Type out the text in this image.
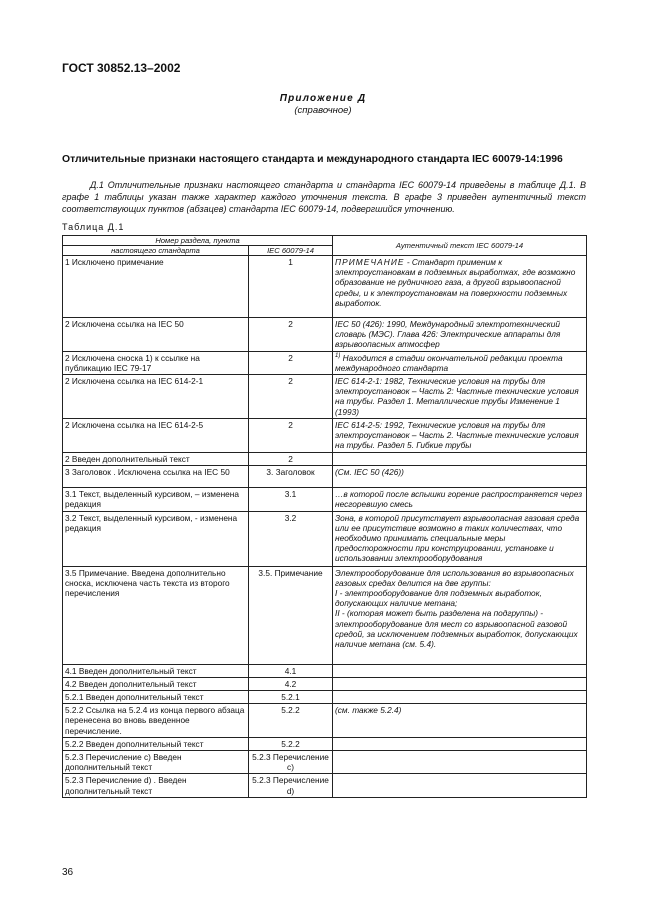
ГОСТ 30852.13–2002
Приложение Д
(справочное)
Отличительные признаки настоящего стандарта и международного стандарта IEC 60079-14:1996

Д.1 Отличительные признаки настоящего стандарта и стандарта IEC 60079-14 приведены в таблице Д.1. В графе 1 таблицы указан также характер каждого уточнения текста. В графе 3 приведен аутентичный текст соответствующих пунктов (абзацев) стандарта IEC 60079-14, подвергшийся уточнению.

Таблица Д.1
Номер раздела, пункта		Аутентичный текст IEC 60079-14
настоящего стандарта	IEC 60079-14	
1 Исключено примечание	1	ПРИМЕЧАНИЕ - Стандарт применим к электроустановкам в подземных выработках, где возможно образование не рудничного газа, а другой взрывоопасной среды, и к электроустановкам на поверхности подземных выработок.
2 Исключена ссылка на IEC 50	2	IEC 50 (426): 1990, Международный электротехнический словарь (МЭС). Глава 426: Электрические аппараты для взрывоопасных атмосфер
2 Исключена сноска 1) к ссылке на публикацию IEC 79-17	2	$^{1)}$ Находится в стадии окончательной редакции проекта международного стандарта
2 Исключена ссылка на IEC 614-2-1	2	IEC 614-2-1: 1982, Технические условия на трубы для электроустановок – Часть 2: Частные технические условия на трубы. Раздел 1. Металлические трубы Изменение 1 (1993)
2 Исключена ссылка на IEC 614-2-5	2	IEC 614-2-5: 1992, Технические условия на трубы для электроустановок – Часть 2. Частные технические условия на трубы. Раздел 5. Гибкие трубы
2 Введен дополнительный текст	2	
3 Заголовок . Исключена ссылка на IEC 50	3. Заголовок	(См. IEC 50 (426))
3.1 Текст, выделенный курсивом, – изменена редакция	3.1	…в которой после вспышки горение распространяется через несгоревшую смесь
3.2 Текст, выделенный курсивом, - изменена редакция	3.2	Зона, в которой присутствует взрывоопасная газовая среда или ее присутствие возможно в таких количествах, что необходимо принимать специальные меры предосторожности при конструировании, установке и использовании электрооборудования
3.5 Примечание. Введена дополнительно сноска, исключена часть текста из второго перечисления	3.5. Примечание	Электрооборудование для использования во взрывоопасных газовых средах делится на две группы:
I - электрооборудование для подземных выработок, допускающих наличие метана;
II - (которая может быть разделена на подгруппы) - электрооборудование для мест со взрывоопасной газовой средой, за исключением подземных выработок, допускающих наличие метана (см. 5.4).
4.1 Введен дополнительный текст	4.1	
4.2 Введен дополнительный текст	4.2	
5.2.1 Введен дополнительный текст	5.2.1	
5.2.2 Ссылка на 5.2.4 из конца первого абзаца перенесена во вновь введенное перечисление.	5.2.2	(см. также 5.2.4)
5.2.2 Введен дополнительный текст	5.2.2	
5.2.3 Перечисление с) Введен дополнительный текст	5.2.3 Перечисление с)	
5.2.3 Перечисление d) . Введен дополнительный текст	5.2.3 Перечисление d)	
36
